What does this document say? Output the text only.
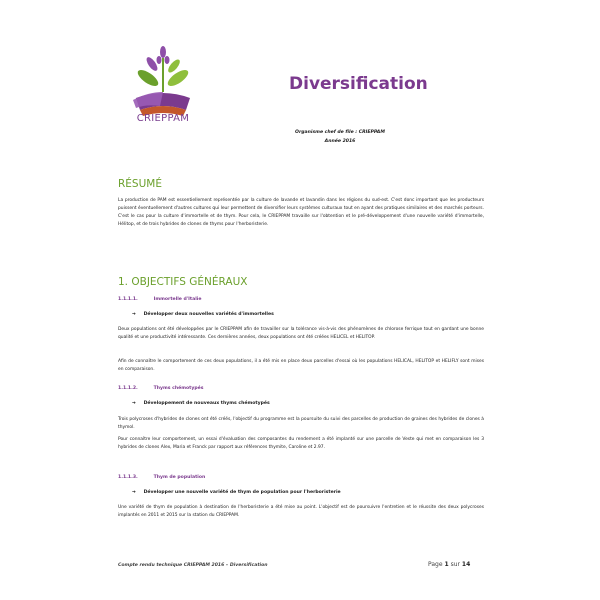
CRIEPPAM
Diversification
Organisme chef de file : CRIEPPAM
Année 2016
RÉSUMÉ
La production de PAM est essentiellement représentée par la culture de lavande et lavandin dans les régions du sud-est. C'est donc important que les producteurs puissent éventuellement d'autres cultures qui leur permettent de diversifier leurs systèmes culturaux tout en ayant des pratiques similaires et des marchés porteurs. C'est le cas pour la culture d'immortelle et de thym. Pour cela, le CRIEPPAM travaille sur l'obtention et le pré-développement d'une nouvelle variété d'immortelle, Hélitop, et de trois hybrides de clones de thyms pour l'herboristerie.
1. OBJECTIFS GÉNÉRAUX
1.1.1.1.	Immortelle d'Italie
➔ Développer deux nouvelles variétés d'immortelles
Deux populations ont été développées par le CRIEPPAM afin de travailler sur la tolérance vis-à-vis des phénomènes de chlorose ferrique tout en gardant une bonne qualité et une productivité intéressante. Ces dernières années, deux populations ont été créées HELICEL et HELITOP.
Afin de connaître le comportement de ces deux populations, il a été mis en place deux parcelles d'essai où les populations HELICAL, HELITOP et HELIFLY sont mises en comparaison.
1.1.1.2.	Thyms chémotypés
➔ Développement de nouveaux thyms chémotypés
Trois polycroses d'hybrides de clones ont été créés, l'objectif du programme est la poursuite du suivi des parcelles de production de graines des hybrides de clones à thymol.
Pour connaître leur comportement, un essai d'évaluation des composantes du rendement a été implanté sur une parcelle de Veste qui met en comparaison les 3 hybrides de clones Alex, Maria et Franck par rapport aux références thymite, Caroline et 2.97.
1.1.1.3.	Thym de population
➔ Développer une nouvelle variété de thym de population pour l'herboristerie
Une variété de thym de population à destination de l'herboristerie a été mise au point. L'objectif est de poursuivre l'entretien et le réussite des deux polycroses implantés en 2011 et 2015 sur la station du CRIEPPAM.
Compte rendu technique CRIEPPAM 2016 – Diversification	Page 1 sur 14
